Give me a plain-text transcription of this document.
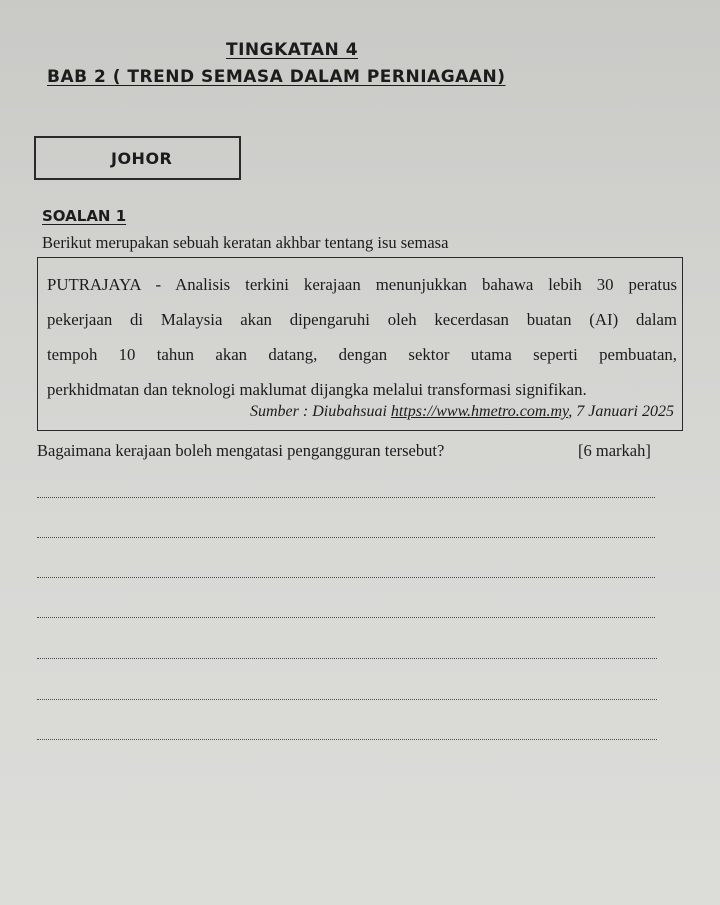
TINGKATAN 4
BAB 2 ( TREND SEMASA DALAM PERNIAGAAN)
JOHOR
SOALAN 1
Berikut merupakan sebuah keratan akhbar tentang isu semasa
PUTRAJAYA - Analisis terkini kerajaan menunjukkan bahawa lebih 30 peratus
pekerjaan di Malaysia akan dipengaruhi oleh kecerdasan buatan (AI) dalam
tempoh 10 tahun akan datang, dengan sektor utama seperti pembuatan,
perkhidmatan dan teknologi maklumat dijangka melalui transformasi signifikan.
Sumber : Diubahsuai https://www.hmetro.com.my, 7 Januari 2025
Bagaimana kerajaan boleh mengatasi pengangguran tersebut?	[6 markah]
